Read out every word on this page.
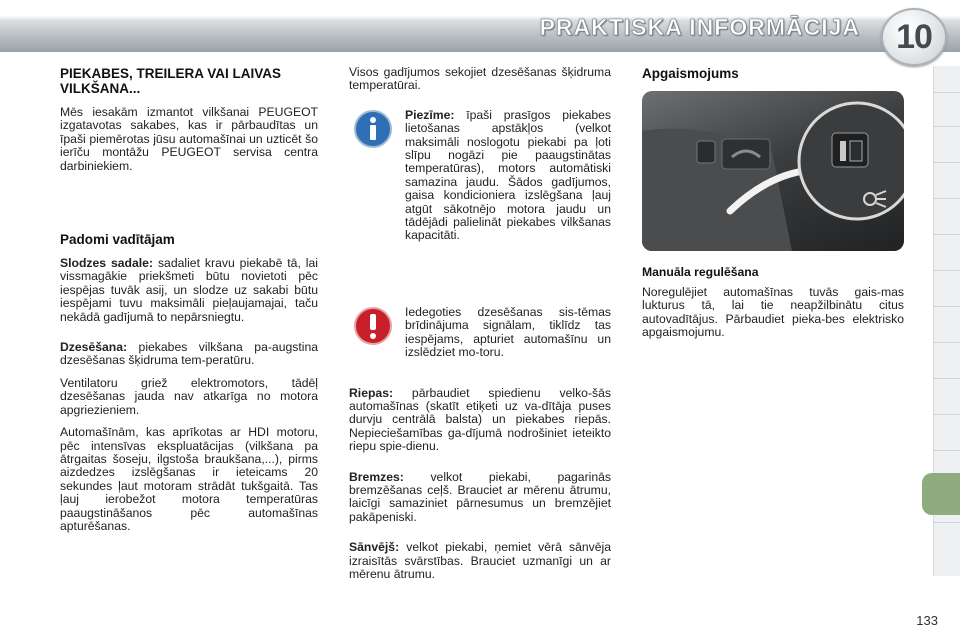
PRAKTISKA INFORMĀCIJA 10
PIEKABES, TREILERA VAI LAIVAS VILKŠANA...

Mēs iesakām izmantot vilkšanai PEUGEOT izgatavotas sakabes, kas ir pārbaudītas un īpaši piemērotas jūsu automašīnai un uzticēt šo ierīču montāžu PEUGEOT servisa centra darbiniekiem.

Padomi vadītājam

Slodzes sadale: sadaliet kravu piekabē tā, lai vissmagākie priekšmeti būtu novietoti pēc iespējas tuvāk asij, un slodze uz sakabi būtu iespējami tuvu maksimāli pieļaujamajai, taču nekādā gadījumā to nepārsniegtu.

Dzesēšana: piekabes vilkšana pa-augstina dzesēšanas šķidruma tem-peratūru.

Ventilatoru griež elektromotors, tādēļ dzesēšanas jauda nav atkarīga no motora apgriezieniem.

Automašīnām, kas aprīkotas ar HDI motoru, pēc intensīvas ekspluatācijas (vilkšana pa ātrgaitas šoseju, ilgstoša braukšana,...), pirms aizdedzes izslēgšanas ir ieteicams 20 sekundes ļaut motoram strādāt tukšgaitā. Tas ļauj ierobežot motora temperatūras paaugstināšanos pēc automašīnas apturēšanas.

Visos gadījumos sekojiet dzesēšanas šķidruma temperatūrai.

Piezīme: īpaši prasīgos piekabes lietošanas apstākļos (velkot maksimāli noslogotu piekabi pa ļoti slīpu nogāzi pie paaugstinātas temperatūras), motors automātiski samazina jaudu. Šādos gadījumos, gaisa kondicioniera izslēgšana ļauj atgūt sākotnējo motora jaudu un tādējādi palielināt piekabes vilkšanas kapacitāti.

Iedegoties dzesēšanas sis-tēmas brīdinājuma signālam, tiklīdz tas iespējams, apturiet automašīnu un izslēdziet mo-toru.

Riepas: pārbaudiet spiedienu velko-šās automašīnas (skatīt etiķeti uz va-dītāja puses durvju centrālā balsta) un piekabes riepās. Nepieciešamības ga-dījumā nodrošiniet ieteikto riepu spie-dienu.

Bremzes: velkot piekabi, pagarinās bremzēšanas ceļš. Brauciet ar mērenu ātrumu, laicīgi samaziniet pārnesumus un bremzējiet pakāpeniski.

Sānvējš: velkot piekabi, ņemiet vērā sānvēja izraisītās svārstības. Brauciet uzmanīgi un ar mērenu ātrumu.

Apgaismojums
Manuāla regulēšana

Noregulējiet automašīnas tuvās gais-mas lukturus tā, lai tie neapžilbinātu citus autovadītājus. Pārbaudiet pieka-bes elektrisko apgaismojumu.

133
